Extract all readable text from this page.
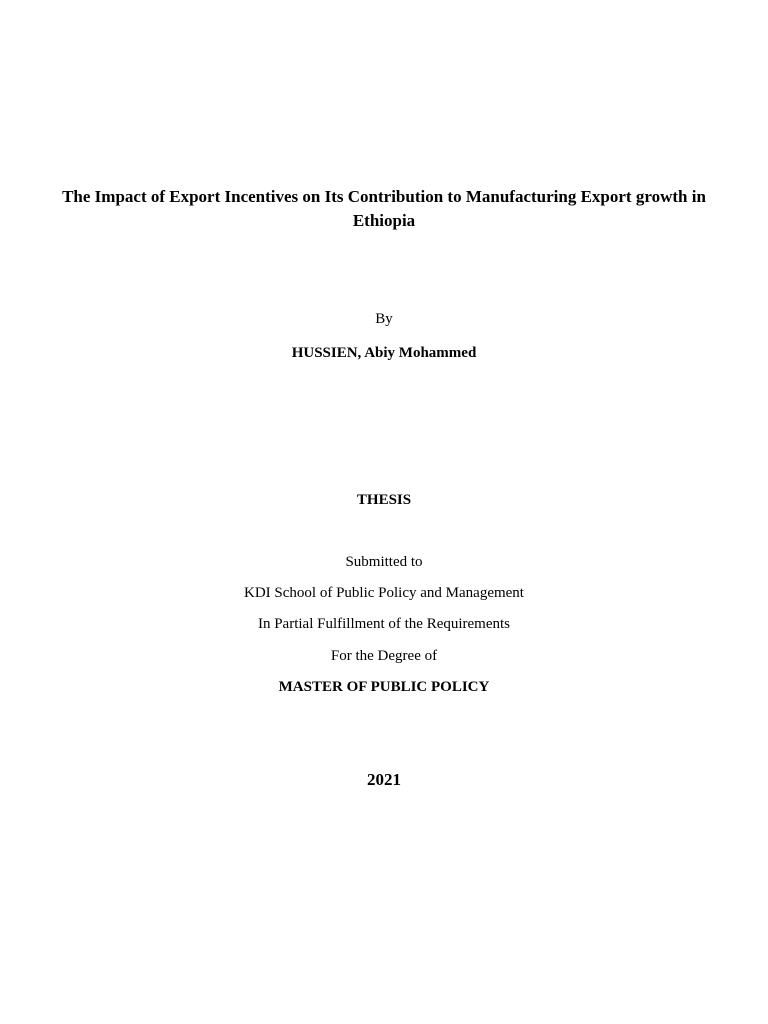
The Impact of Export Incentives on Its Contribution to Manufacturing Export growth in Ethiopia
By
HUSSIEN, Abiy Mohammed
THESIS
Submitted to
KDI School of Public Policy and Management
In Partial Fulfillment of the Requirements
For the Degree of
MASTER OF PUBLIC POLICY
2021
